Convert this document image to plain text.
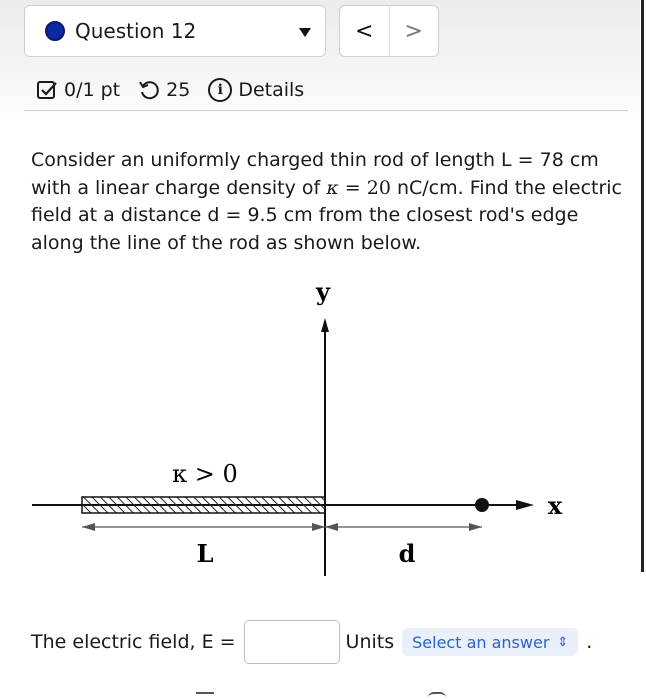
Question 12	<	>
0/1 pt 25	i Details
Consider an uniformly charged thin rod of length L = 78 cm with a linear charge density of κ = 20 nC/cm. Find the electric field at a distance d = 9.5 cm from the closest rod's edge along the line of the rod as shown below.
y
x
κ > 0
L	d
The electric field, E =	Units Select an answer ⇕ .
